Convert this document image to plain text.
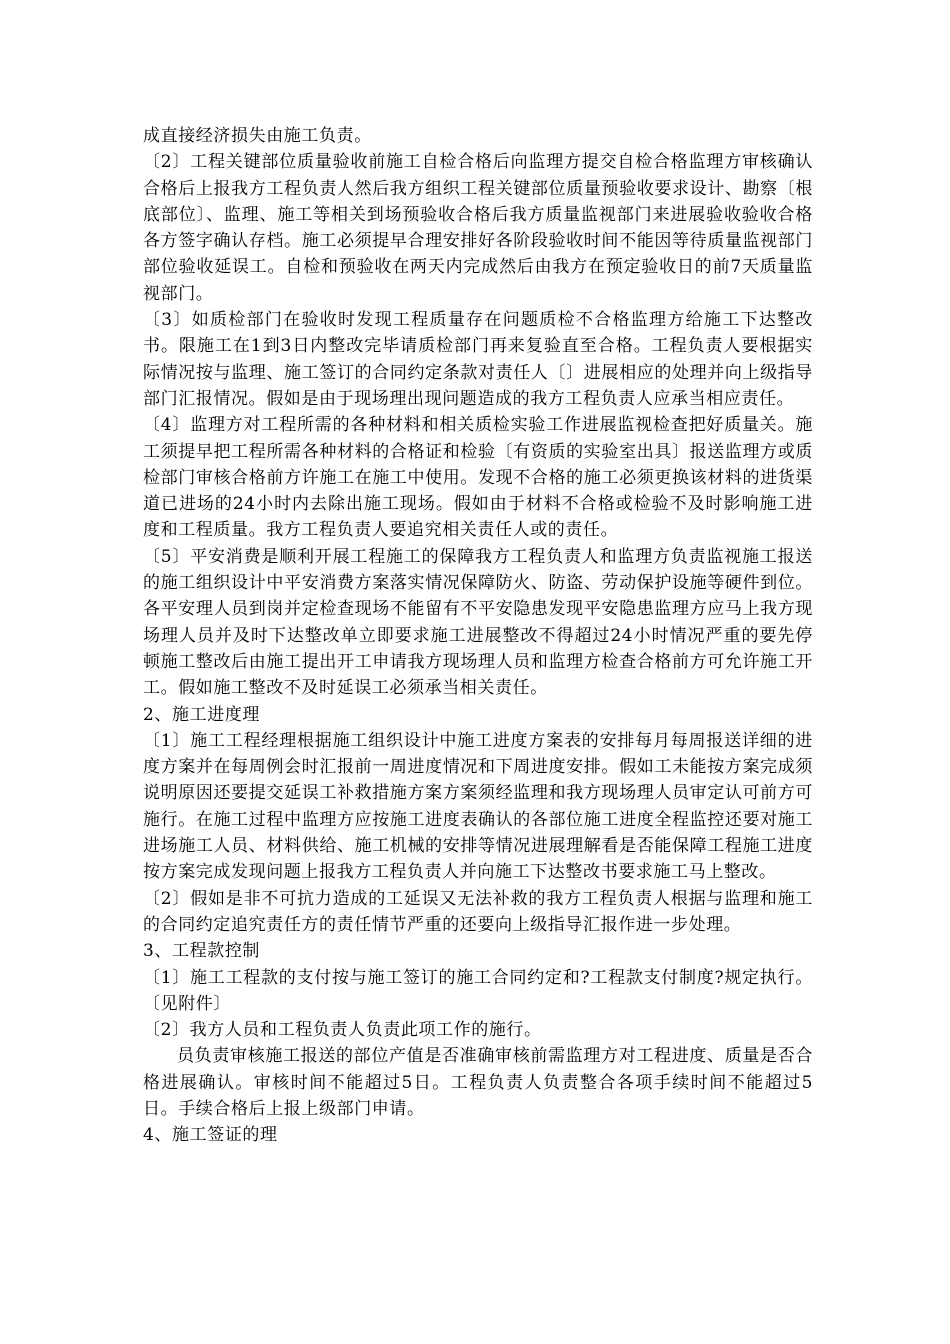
成直接经济损失由施工负责。

〔2〕工程关键部位质量验收前施工自检合格后向监理方提交自检合格监理方审核确认合格后上报我方工程负责人然后我方组织工程关键部位质量预验收要求设计、勘察〔根底部位〕、监理、施工等相关到场预验收合格后我方质量监视部门来进展验收验收合格各方签字确认存档。施工必须提早合理安排好各阶段验收时间不能因等待质量监视部门部位验收延误工。自检和预验收在两天内完成然后由我方在预定验收日的前7天质量监视部门。

〔3〕如质检部门在验收时发现工程质量存在问题质检不合格监理方给施工下达整改书。限施工在1到3日内整改完毕请质检部门再来复验直至合格。工程负责人要根据实际情况按与监理、施工签订的合同约定条款对责任人〔〕进展相应的处理并向上级指导部门汇报情况。假如是由于现场理出现问题造成的我方工程负责人应承当相应责任。

〔4〕监理方对工程所需的各种材料和相关质检实验工作进展监视检查把好质量关。施工须提早把工程所需各种材料的合格证和检验〔有资质的实验室出具〕报送监理方或质检部门审核合格前方许施工在施工中使用。发现不合格的施工必须更换该材料的进货渠道已进场的24小时内去除出施工现场。假如由于材料不合格或检验不及时影响施工进度和工程质量。我方工程负责人要追究相关责任人或的责任。

〔5〕平安消费是顺利开展工程施工的保障我方工程负责人和监理方负责监视施工报送的施工组织设计中平安消费方案落实情况保障防火、防盗、劳动保护设施等硬件到位。各平安理人员到岗并定检查现场不能留有不平安隐患发现平安隐患监理方应马上我方现场理人员并及时下达整改单立即要求施工进展整改不得超过24小时情况严重的要先停顿施工整改后由施工提出开工申请我方现场理人员和监理方检查合格前方可允许施工开工。假如施工整改不及时延误工必须承当相关责任。

2、施工进度理

〔1〕施工工程经理根据施工组织设计中施工进度方案表的安排每月每周报送详细的进度方案并在每周例会时汇报前一周进度情况和下周进度安排。假如工未能按方案完成须说明原因还要提交延误工补救措施方案方案须经监理和我方现场理人员审定认可前方可施行。在施工过程中监理方应按施工进度表确认的各部位施工进度全程监控还要对施工进场施工人员、材料供给、施工机械的安排等情况进展理解看是否能保障工程施工进度按方案完成发现问题上报我方工程负责人并向施工下达整改书要求施工马上整改。

〔2〕假如是非不可抗力造成的工延误又无法补救的我方工程负责人根据与监理和施工的合同约定追究责任方的责任情节严重的还要向上级指导汇报作进一步处理。

3、工程款控制

〔1〕施工工程款的支付按与施工签订的施工合同约定和?工程款支付制度?规定执行。〔见附件〕

〔2〕我方人员和工程负责人负责此项工作的施行。

员负责审核施工报送的部位产值是否准确审核前需监理方对工程进度、质量是否合格进展确认。审核时间不能超过5日。工程负责人负责整合各项手续时间不能超过5日。手续合格后上报上级部门申请。

4、施工签证的理
